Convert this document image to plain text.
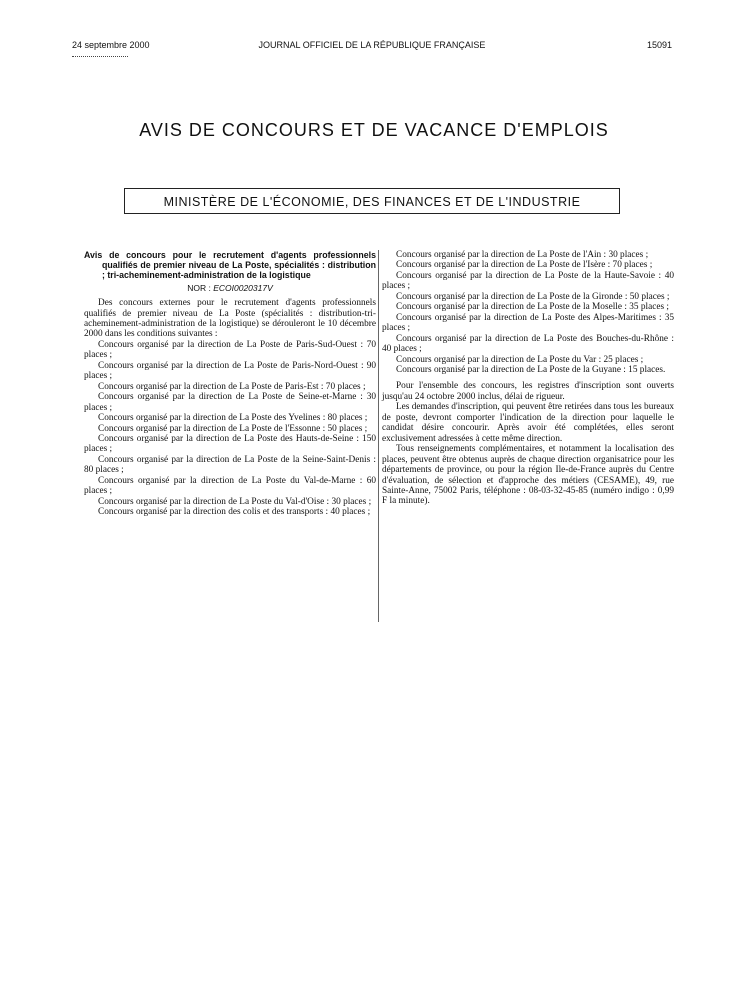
24 septembre 2000	JOURNAL OFFICIEL DE LA RÉPUBLIQUE FRANÇAISE	15091
AVIS DE CONCOURS ET DE VACANCE D'EMPLOIS
MINISTÈRE DE L'ÉCONOMIE, DES FINANCES ET DE L'INDUSTRIE

Avis de concours pour le recrutement d'agents professionnels qualifiés de premier niveau de La Poste, spécialités : distribution ; tri-acheminement-administration de la logistique

NOR : ECOI0020317V

Des concours externes pour le recrutement d'agents professionnels qualifiés de premier niveau de La Poste (spécialités : distribution-tri-acheminement-administration de la logistique) se dérouleront le 10 décembre 2000 dans les conditions suivantes :

Concours organisé par la direction de La Poste de Paris-Sud-Ouest : 70 places ;

Concours organisé par la direction de La Poste de Paris-Nord-Ouest : 90 places ;

Concours organisé par la direction de La Poste de Paris-Est : 70 places ;

Concours organisé par la direction de La Poste de Seine-et-Marne : 30 places ;

Concours organisé par la direction de La Poste des Yvelines : 80 places ;

Concours organisé par la direction de La Poste de l'Essonne : 50 places ;

Concours organisé par la direction de La Poste des Hauts-de-Seine : 150 places ;

Concours organisé par la direction de La Poste de la Seine-Saint-Denis : 80 places ;

Concours organisé par la direction de La Poste du Val-de-Marne : 60 places ;

Concours organisé par la direction de La Poste du Val-d'Oise : 30 places ;

Concours organisé par la direction des colis et des transports : 40 places ;

Concours organisé par la direction de La Poste de l'Ain : 30 places ;

Concours organisé par la direction de La Poste de l'Isère : 70 places ;

Concours organisé par la direction de La Poste de la Haute-Savoie : 40 places ;

Concours organisé par la direction de La Poste de la Gironde : 50 places ;

Concours organisé par la direction de La Poste de la Moselle : 35 places ;

Concours organisé par la direction de La Poste des Alpes-Maritimes : 35 places ;

Concours organisé par la direction de La Poste des Bouches-du-Rhône : 40 places ;

Concours organisé par la direction de La Poste du Var : 25 places ;

Concours organisé par la direction de La Poste de la Guyane : 15 places.

Pour l'ensemble des concours, les registres d'inscription sont ouverts jusqu'au 24 octobre 2000 inclus, délai de rigueur.

Les demandes d'inscription, qui peuvent être retirées dans tous les bureaux de poste, devront comporter l'indication de la direction pour laquelle le candidat désire concourir. Après avoir été complétées, elles seront exclusivement adressées à cette même direction.

Tous renseignements complémentaires, et notamment la localisation des places, peuvent être obtenus auprès de chaque direction organisatrice pour les départements de province, ou pour la région Ile-de-France auprès du Centre d'évaluation, de sélection et d'approche des métiers (CESAME), 49, rue Sainte-Anne, 75002 Paris, téléphone : 08-03-32-45-85 (numéro indigo : 0,99 F la minute).
